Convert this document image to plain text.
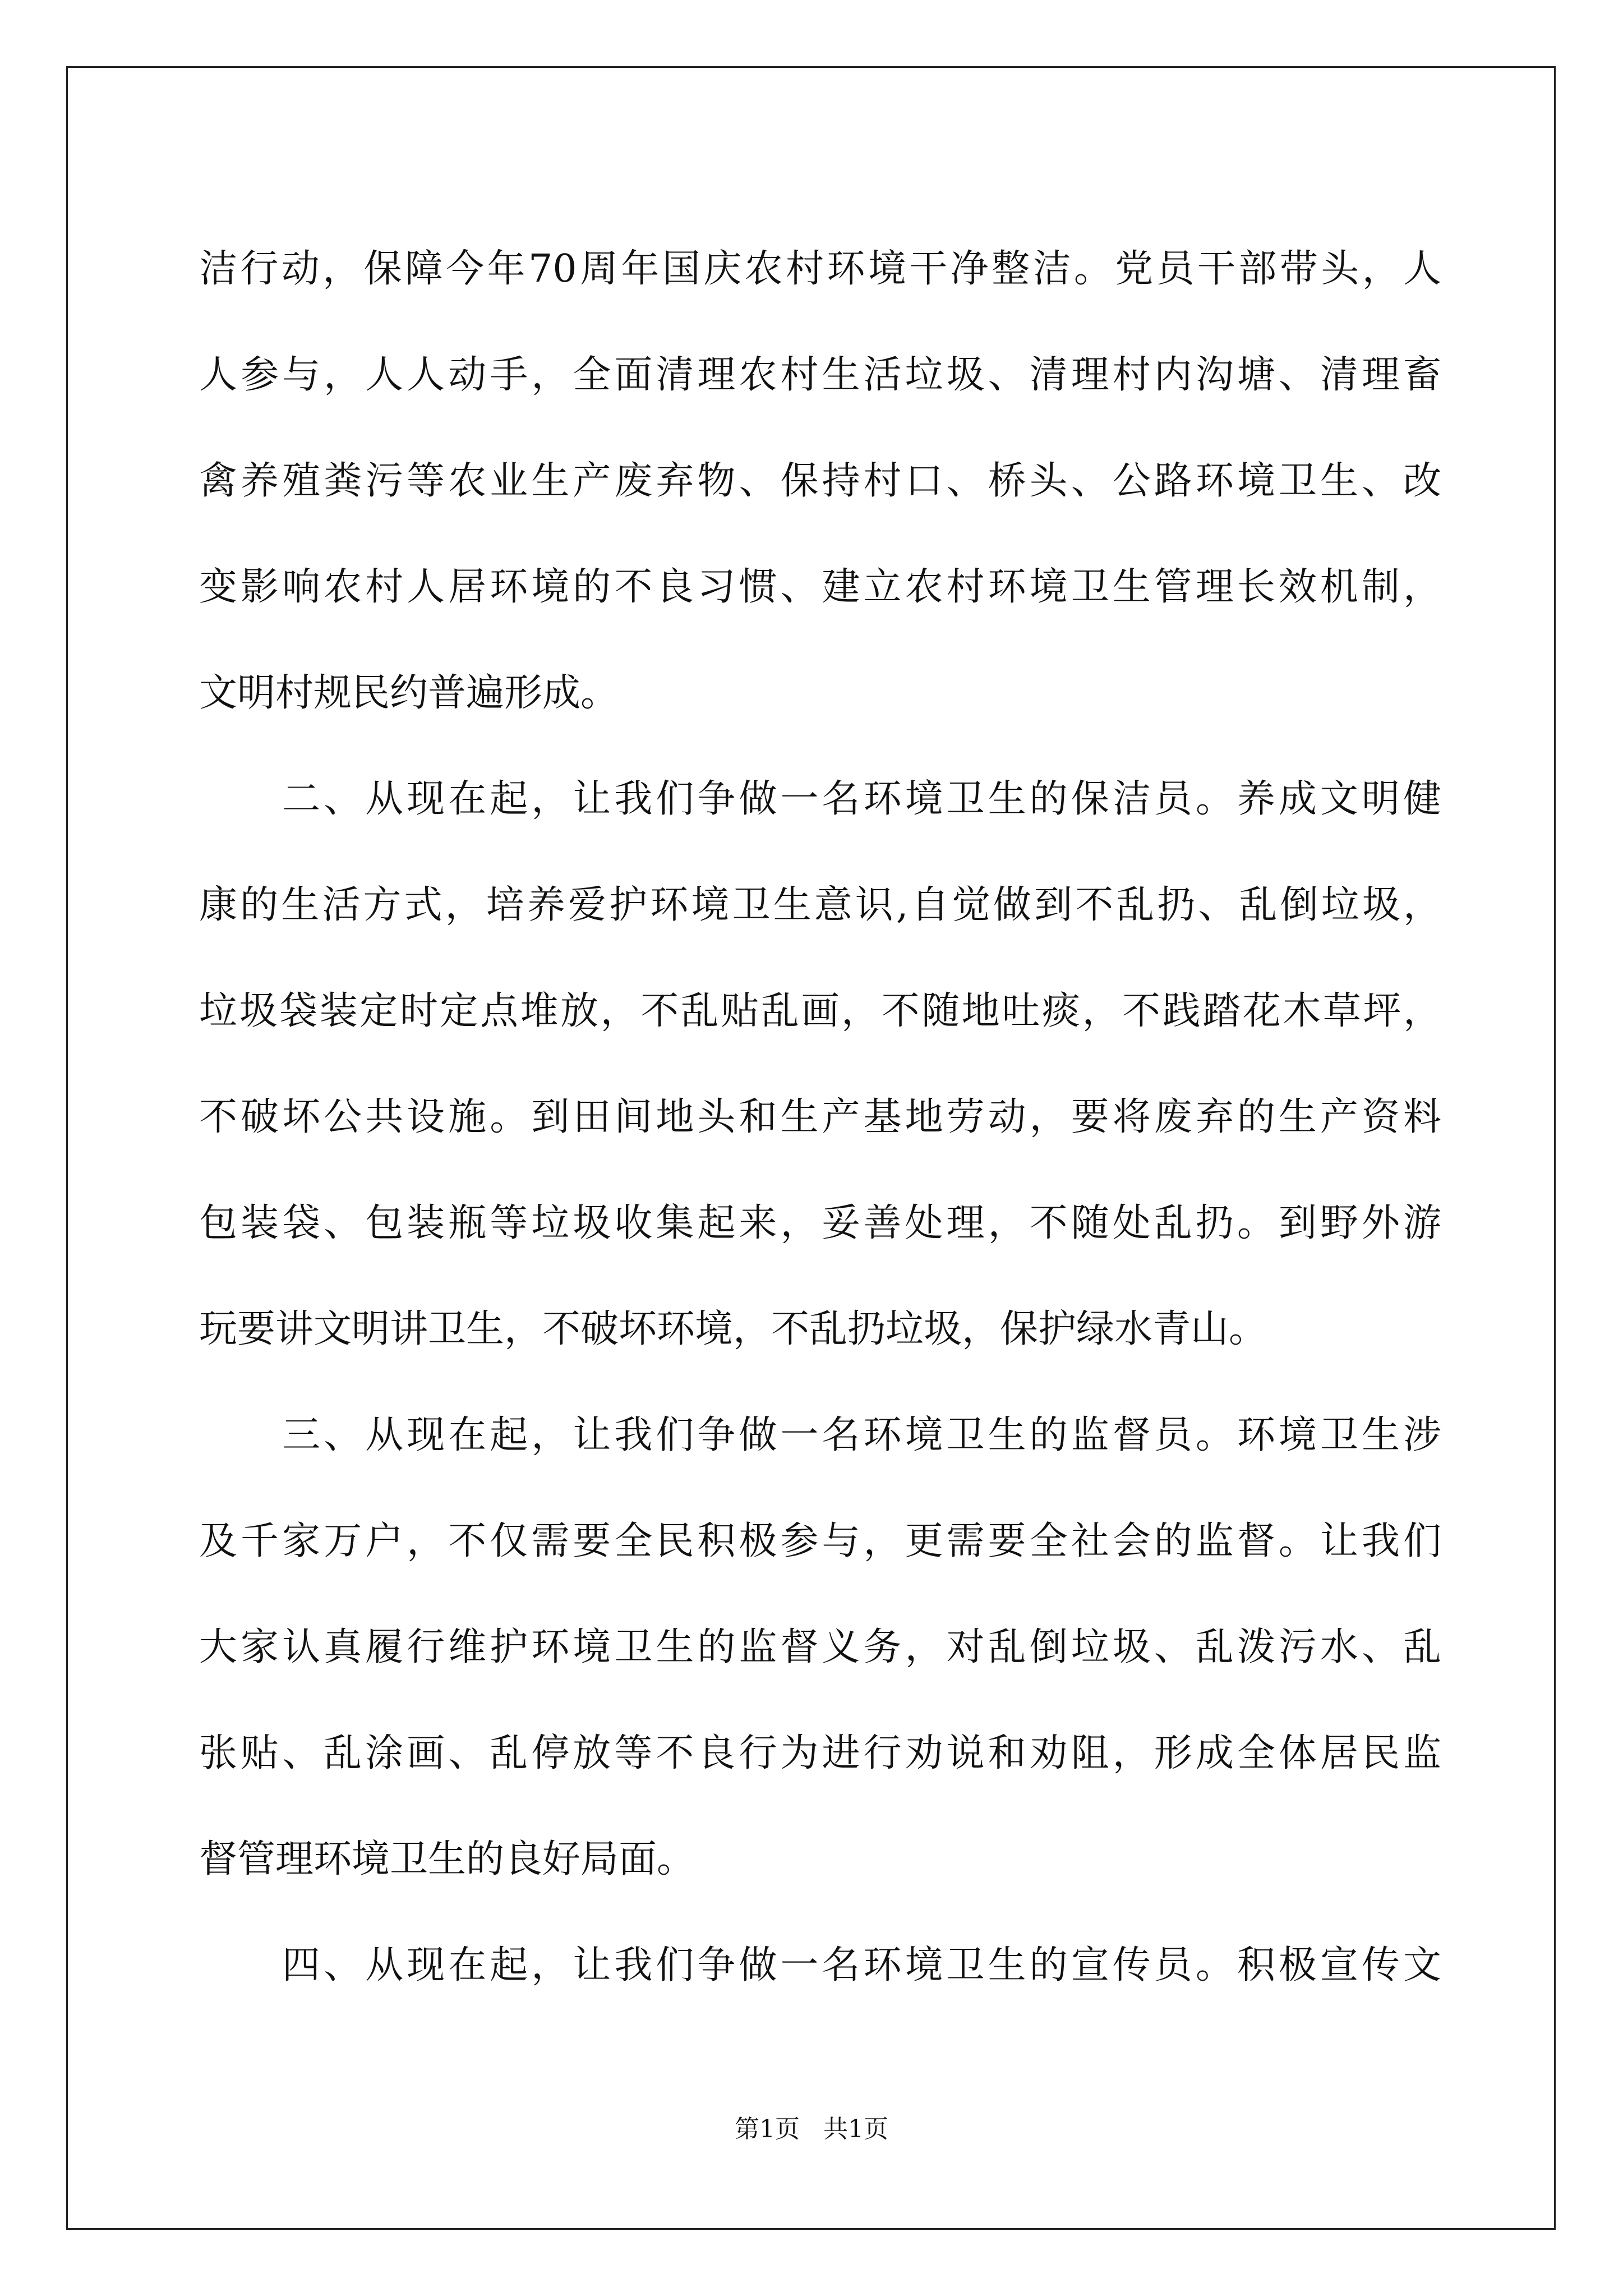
洁行动，保障今年70周年国庆农村环境干净整洁。党员干部带头，人
人参与，人人动手，全面清理农村生活垃圾、清理村内沟塘、清理畜
禽养殖粪污等农业生产废弃物、保持村口、桥头、公路环境卫生、改
变影响农村人居环境的不良习惯、建立农村环境卫生管理长效机制，
文明村规民约普遍形成。
　　二、从现在起，让我们争做一名环境卫生的保洁员。养成文明健
康的生活方式，培养爱护环境卫生意识,自觉做到不乱扔、乱倒垃圾，
垃圾袋装定时定点堆放，不乱贴乱画，不随地吐痰，不践踏花木草坪，
不破坏公共设施。到田间地头和生产基地劳动，要将废弃的生产资料
包装袋、包装瓶等垃圾收集起来，妥善处理，不随处乱扔。到野外游
玩要讲文明讲卫生，不破坏环境，不乱扔垃圾，保护绿水青山。
　　三、从现在起，让我们争做一名环境卫生的监督员。环境卫生涉
及千家万户，不仅需要全民积极参与，更需要全社会的监督。让我们
大家认真履行维护环境卫生的监督义务，对乱倒垃圾、乱泼污水、乱
张贴、乱涂画、乱停放等不良行为进行劝说和劝阻，形成全体居民监
督管理环境卫生的良好局面。
　　四、从现在起，让我们争做一名环境卫生的宣传员。积极宣传文
第1页   共1页
